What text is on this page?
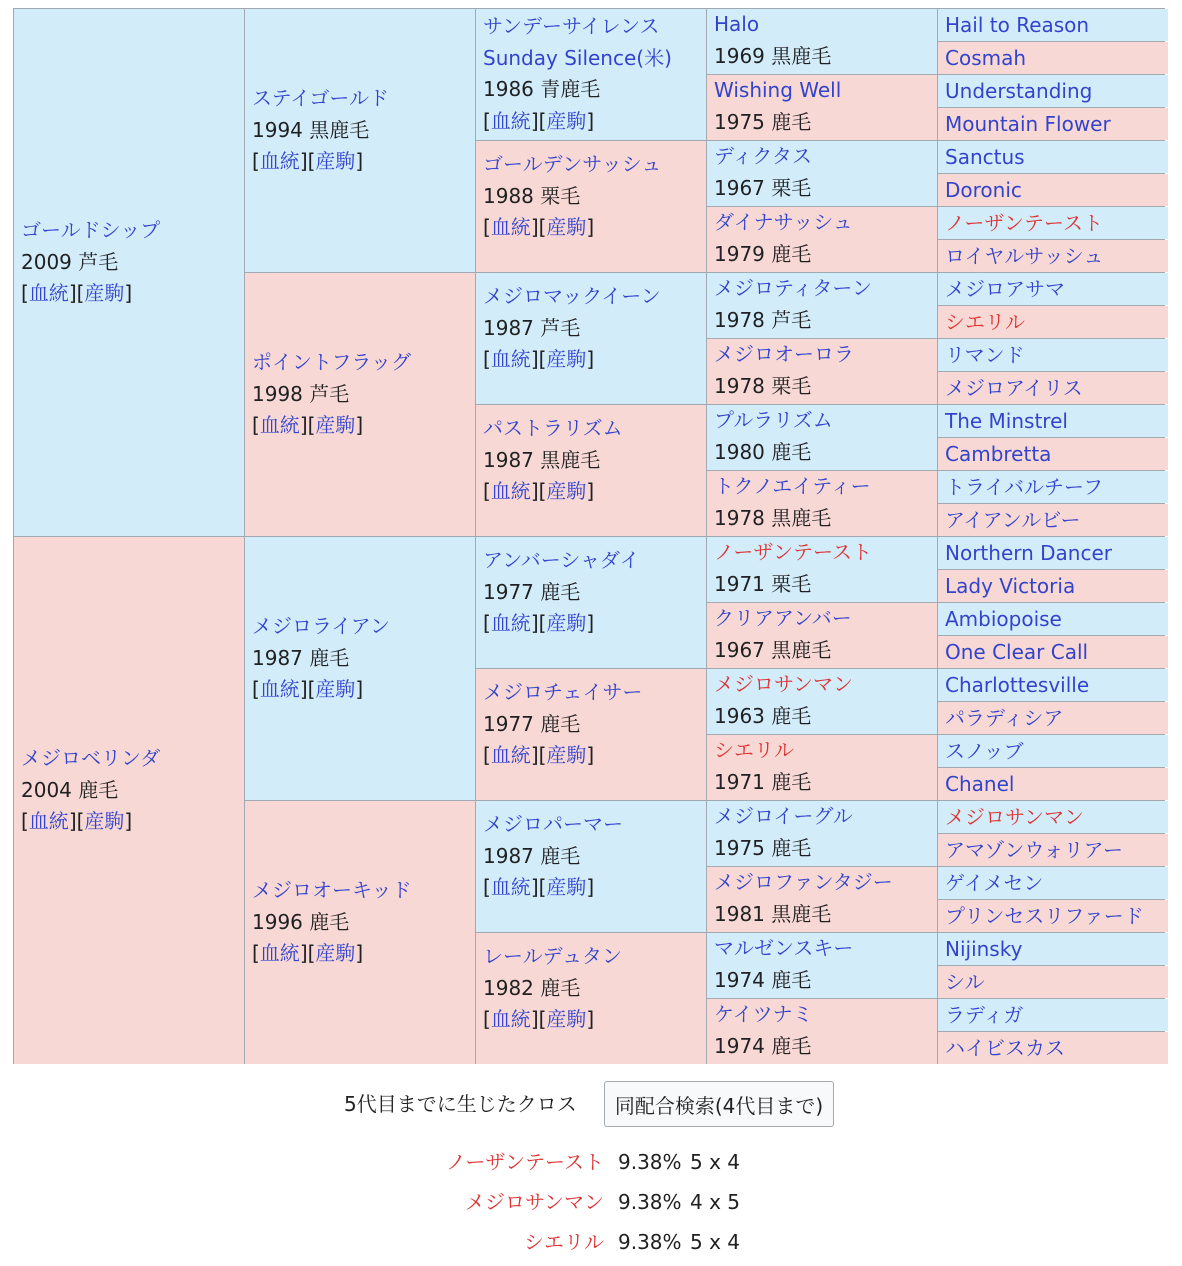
ゴールドシップ
2009 芦毛
[血統][産駒]
メジロベリンダ
2004 鹿毛
[血統][産駒]
ステイゴールド
1994 黒鹿毛
[血統][産駒]
ポイントフラッグ
1998 芦毛
[血統][産駒]
メジロライアン
1987 鹿毛
[血統][産駒]
メジロオーキッド
1996 鹿毛
[血統][産駒]
サンデーサイレンス
Sunday Silence(米)
1986 青鹿毛
[血統][産駒]
ゴールデンサッシュ
1988 栗毛
[血統][産駒]
メジロマックイーン
1987 芦毛
[血統][産駒]
パストラリズム
1987 黒鹿毛
[血統][産駒]
アンバーシャダイ
1977 鹿毛
[血統][産駒]
メジロチェイサー
1977 鹿毛
[血統][産駒]
メジロパーマー
1987 鹿毛
[血統][産駒]
レールデュタン
1982 鹿毛
[血統][産駒]
Halo
1969 黒鹿毛
Wishing Well
1975 鹿毛
ディクタス
1967 栗毛
ダイナサッシュ
1979 鹿毛
メジロティターン
1978 芦毛
メジロオーロラ
1978 栗毛
プルラリズム
1980 鹿毛
トクノエイティー
1978 黒鹿毛
ノーザンテースト
1971 栗毛
クリアアンバー
1967 黒鹿毛
メジロサンマン
1963 鹿毛
シエリル
1971 鹿毛
メジロイーグル
1975 鹿毛
メジロファンタジー
1981 黒鹿毛
マルゼンスキー
1974 鹿毛
ケイツナミ
1974 鹿毛
Hail to Reason
Cosmah
Understanding
Mountain Flower
Sanctus
Doronic
ノーザンテースト
ロイヤルサッシュ
メジロアサマ
シエリル
リマンド
メジロアイリス
The Minstrel
Cambretta
トライバルチーフ
アイアンルビー
Northern Dancer
Lady Victoria
Ambiopoise
One Clear Call
Charlottesville
パラディシア
スノッブ
Chanel
メジロサンマン
アマゾンウォリアー
ゲイメセン
プリンセスリファード
Nijinsky
シル
ラディガ
ハイビスカス
5代目までに生じたクロス	同配合検索(4代目まで)
ノーザンテースト 9.38% 5 x 4
メジロサンマン 9.38% 4 x 5
シエリル 9.38% 5 x 4
